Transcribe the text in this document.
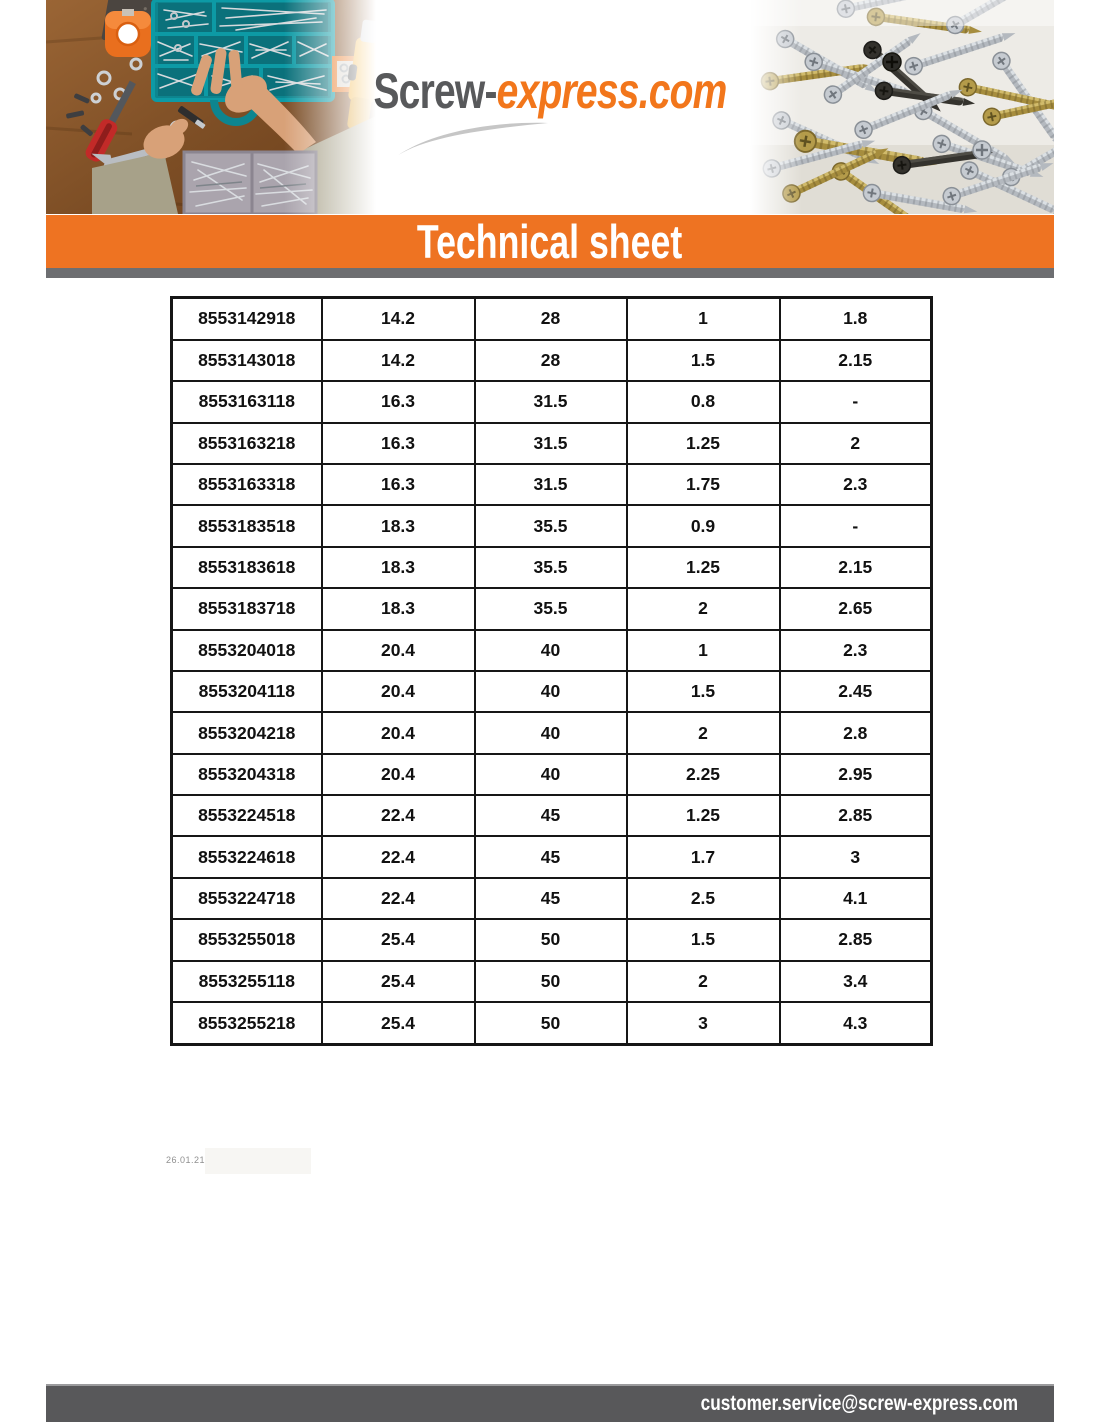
Screw-express.com
Technical sheet
8553142918	14.2	28	1	1.8
8553143018	14.2	28	1.5	2.15
8553163118	16.3	31.5	0.8	-
8553163218	16.3	31.5	1.25	2
8553163318	16.3	31.5	1.75	2.3
8553183518	18.3	35.5	0.9	-
8553183618	18.3	35.5	1.25	2.15
8553183718	18.3	35.5	2	2.65
8553204018	20.4	40	1	2.3
8553204118	20.4	40	1.5	2.45
8553204218	20.4	40	2	2.8
8553204318	20.4	40	2.25	2.95
8553224518	22.4	45	1.25	2.85
8553224618	22.4	45	1.7	3
8553224718	22.4	45	2.5	4.1
8553255018	25.4	50	1.5	2.85
8553255118	25.4	50	2	3.4
8553255218	25.4	50	3	4.3
26.01.21
customer.service@screw-express.com
